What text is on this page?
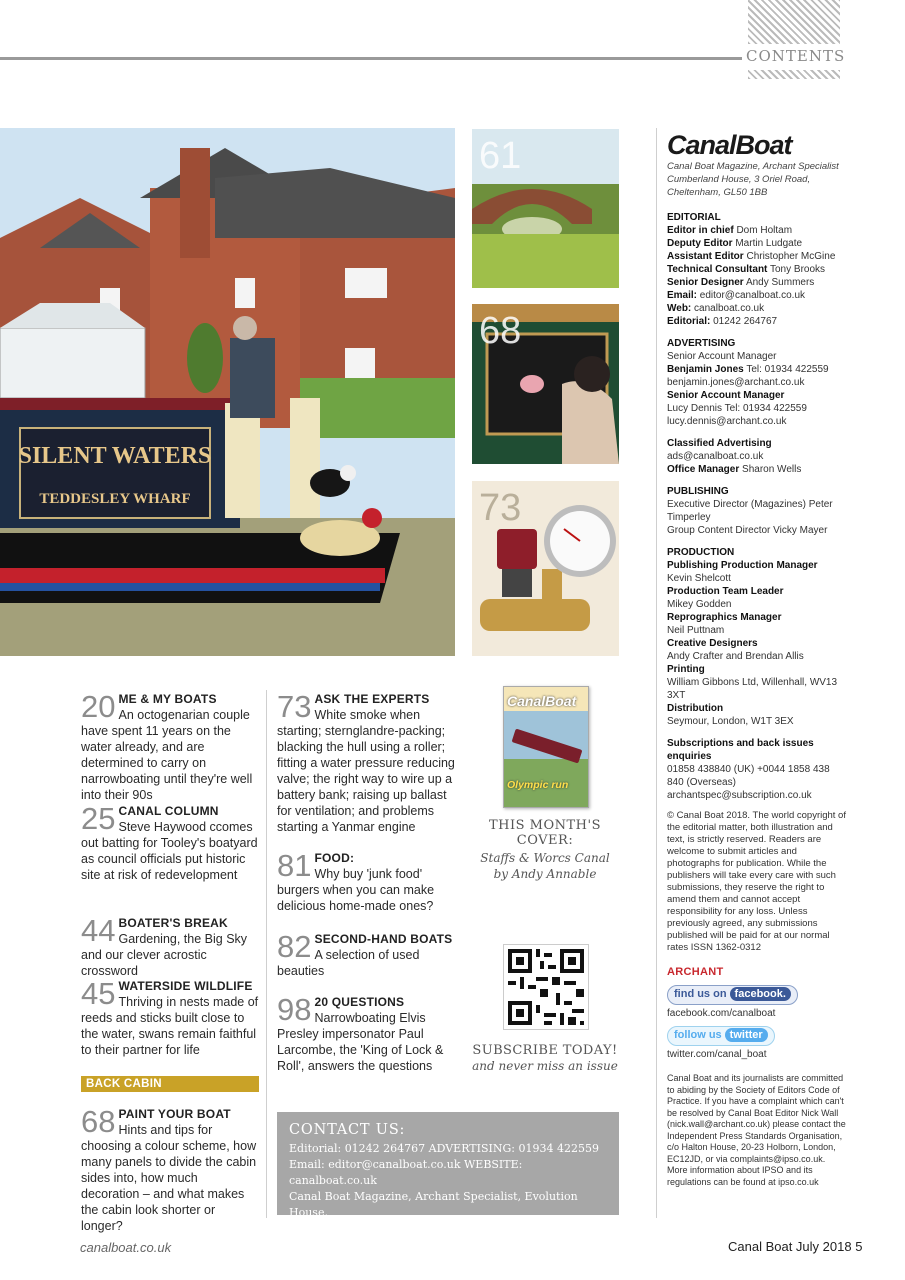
CONTENTS
SILENT WATERS
TEDDESLEY WHARF
61
68
73
20 ME & MY BOATS
An octogenarian couple have spent 11 years on the water already, and are determined to carry on narrowboating until they're well into their 90s
25 CANAL COLUMN
Steve Haywood ccomes out batting for Tooley's boatyard as council officials put historic site at risk of redevelopment
44 BOATER'S BREAK
Gardening, the Big Sky and our clever acrostic crossword
45 WATERSIDE WILDLIFE
Thriving in nests made of reeds and sticks built close to the water, swans remain faithful to their partner for life
BACK CABIN
68 PAINT YOUR BOAT
Hints and tips for choosing a colour scheme, how many panels to divide the cabin sides into, how much decoration – and what makes the cabin look shorter or longer?
73 ASK THE EXPERTS
White smoke when starting; sternglandre-packing; blacking the hull using a roller; fitting a water pressure reducing valve; the right way to wire up a battery bank; raising up ballast for ventilation; and problems starting a Yanmar engine
81 FOOD:
Why buy 'junk food' burgers when you can make delicious home-made ones?
82 SECOND-HAND BOATS
A selection of used beauties
98 20 QUESTIONS
Narrowboating Elvis Presley impersonator Paul Larcombe, the 'King of Lock & Roll', answers the questions
CanalBoat
Olympic run
THIS MONTH'S
COVER:
Staffs & Worcs Canal
by Andy Annable
SUBSCRIBE TODAY!
and never miss an issue
CONTACT US:
Editorial: 01242 264767 ADVERTISING: 01934 422559
Email: editor@canalboat.co.uk WEBSITE: canalboat.co.uk
Canal Boat Magazine, Archant Specialist, Evolution House,
2-6 Easthampstead Rd, Wokingham, RG40 2EG
CanalBoat
Canal Boat Magazine, Archant Specialist Cumberland House, 3 Oriel Road, Cheltenham, GL50 1BB
EDITORIAL
Editor in chief Dom Holtam
Deputy Editor Martin Ludgate
Assistant Editor Christopher McGine
Technical Consultant Tony Brooks
Senior Designer Andy Summers
Email: editor@canalboat.co.uk
Web: canalboat.co.uk
Editorial: 01242 264767
ADVERTISING
Senior Account Manager
Benjamin Jones Tel: 01934 422559
benjamin.jones@archant.co.uk
Senior Account Manager
Lucy Dennis Tel: 01934 422559
lucy.dennis@archant.co.uk
Classified Advertising
ads@canalboat.co.uk
Office Manager Sharon Wells
PUBLISHING
Executive Director (Magazines) Peter Timperley
Group Content Director Vicky Mayer
PRODUCTION
Publishing Production Manager
Kevin Shelcott
Production Team Leader
Mikey Godden
Reprographics Manager
Neil Puttnam
Creative Designers
Andy Crafter and Brendan Allis
Printing
William Gibbons Ltd, Willenhall, WV13 3XT
Distribution
Seymour, London, W1T 3EX
Subscriptions and back issues enquiries
01858 438840 (UK) +0044 1858 438 840 (Overseas)
archantspec@subscription.co.uk
© Canal Boat 2018. The world copyright of the editorial matter, both illustration and text, is strictly reserved. Readers are welcome to submit articles and photographs for publication. While the publishers will take every care with such submissions, they reserve the right to amend them and cannot accept responsibility for any loss. Unless previously agreed, any submissions published will be paid for at our normal rates ISSN 1362-0312
ARCHANT
find us on facebook.
facebook.com/canalboat
follow us twitter
twitter.com/canal_boat
Canal Boat and its journalists are committed to abiding by the Society of Editors Code of Practice. If you have a complaint which can't be resolved by Canal Boat Editor Nick Wall (nick.wall@archant.co.uk) please contact the Independent Press Standards Organisation, c/o Halton House, 20-23 Holborn, London, EC12JD, or via complaints@ipso.co.uk. More information about IPSO and its regulations can be found at ipso.co.uk
canalboat.co.uk	Canal Boat July 2018 5
